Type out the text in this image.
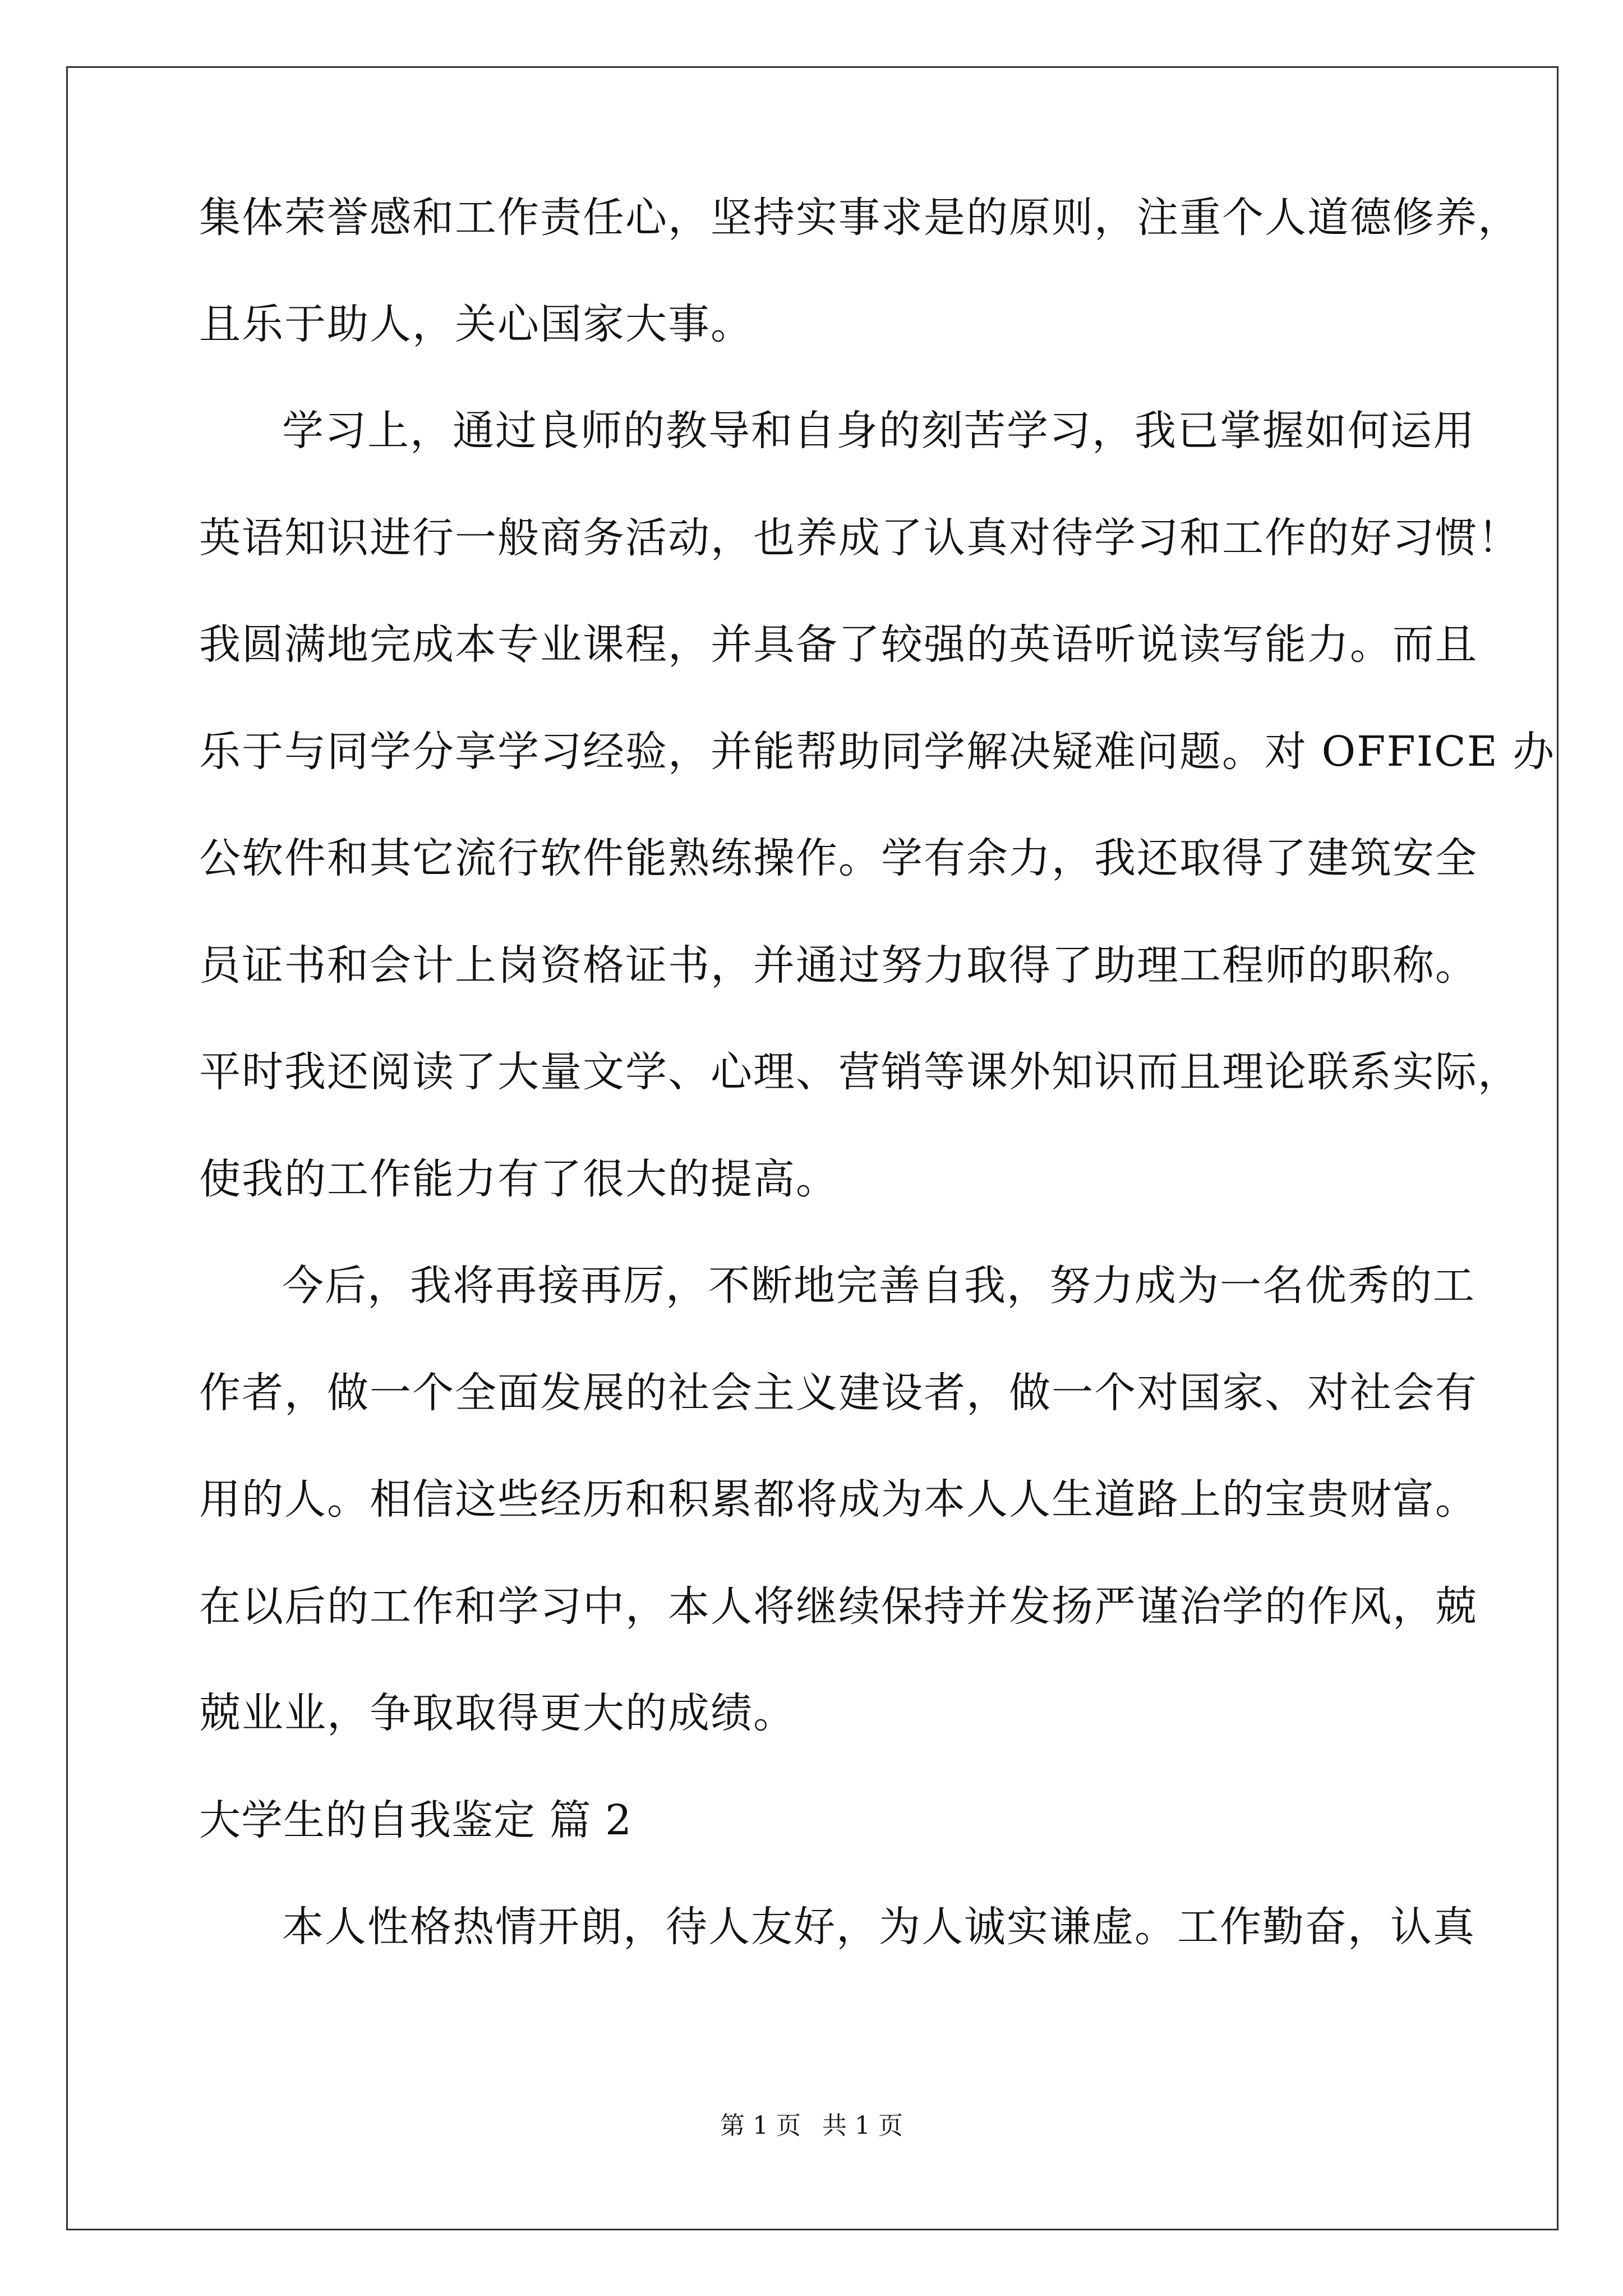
集体荣誉感和工作责任心，坚持实事求是的原则，注重个人道德修养，
且乐于助人，关心国家大事。
学习上，通过良师的教导和自身的刻苦学习，我已掌握如何运用
英语知识进行一般商务活动，也养成了认真对待学习和工作的好习惯！
我圆满地完成本专业课程，并具备了较强的英语听说读写能力。而且
乐于与同学分享学习经验，并能帮助同学解决疑难问题。对 OFFICE 办
公软件和其它流行软件能熟练操作。学有余力，我还取得了建筑安全
员证书和会计上岗资格证书，并通过努力取得了助理工程师的职称。
平时我还阅读了大量文学、心理、营销等课外知识而且理论联系实际，
使我的工作能力有了很大的提高。
今后，我将再接再厉，不断地完善自我，努力成为一名优秀的工
作者，做一个全面发展的社会主义建设者，做一个对国家、对社会有
用的人。相信这些经历和积累都将成为本人人生道路上的宝贵财富。
在以后的工作和学习中，本人将继续保持并发扬严谨治学的作风，兢
兢业业，争取取得更大的成绩。
大学生的自我鉴定 篇 2
本人性格热情开朗，待人友好，为人诚实谦虚。工作勤奋，认真
第 1 页 共 1 页
